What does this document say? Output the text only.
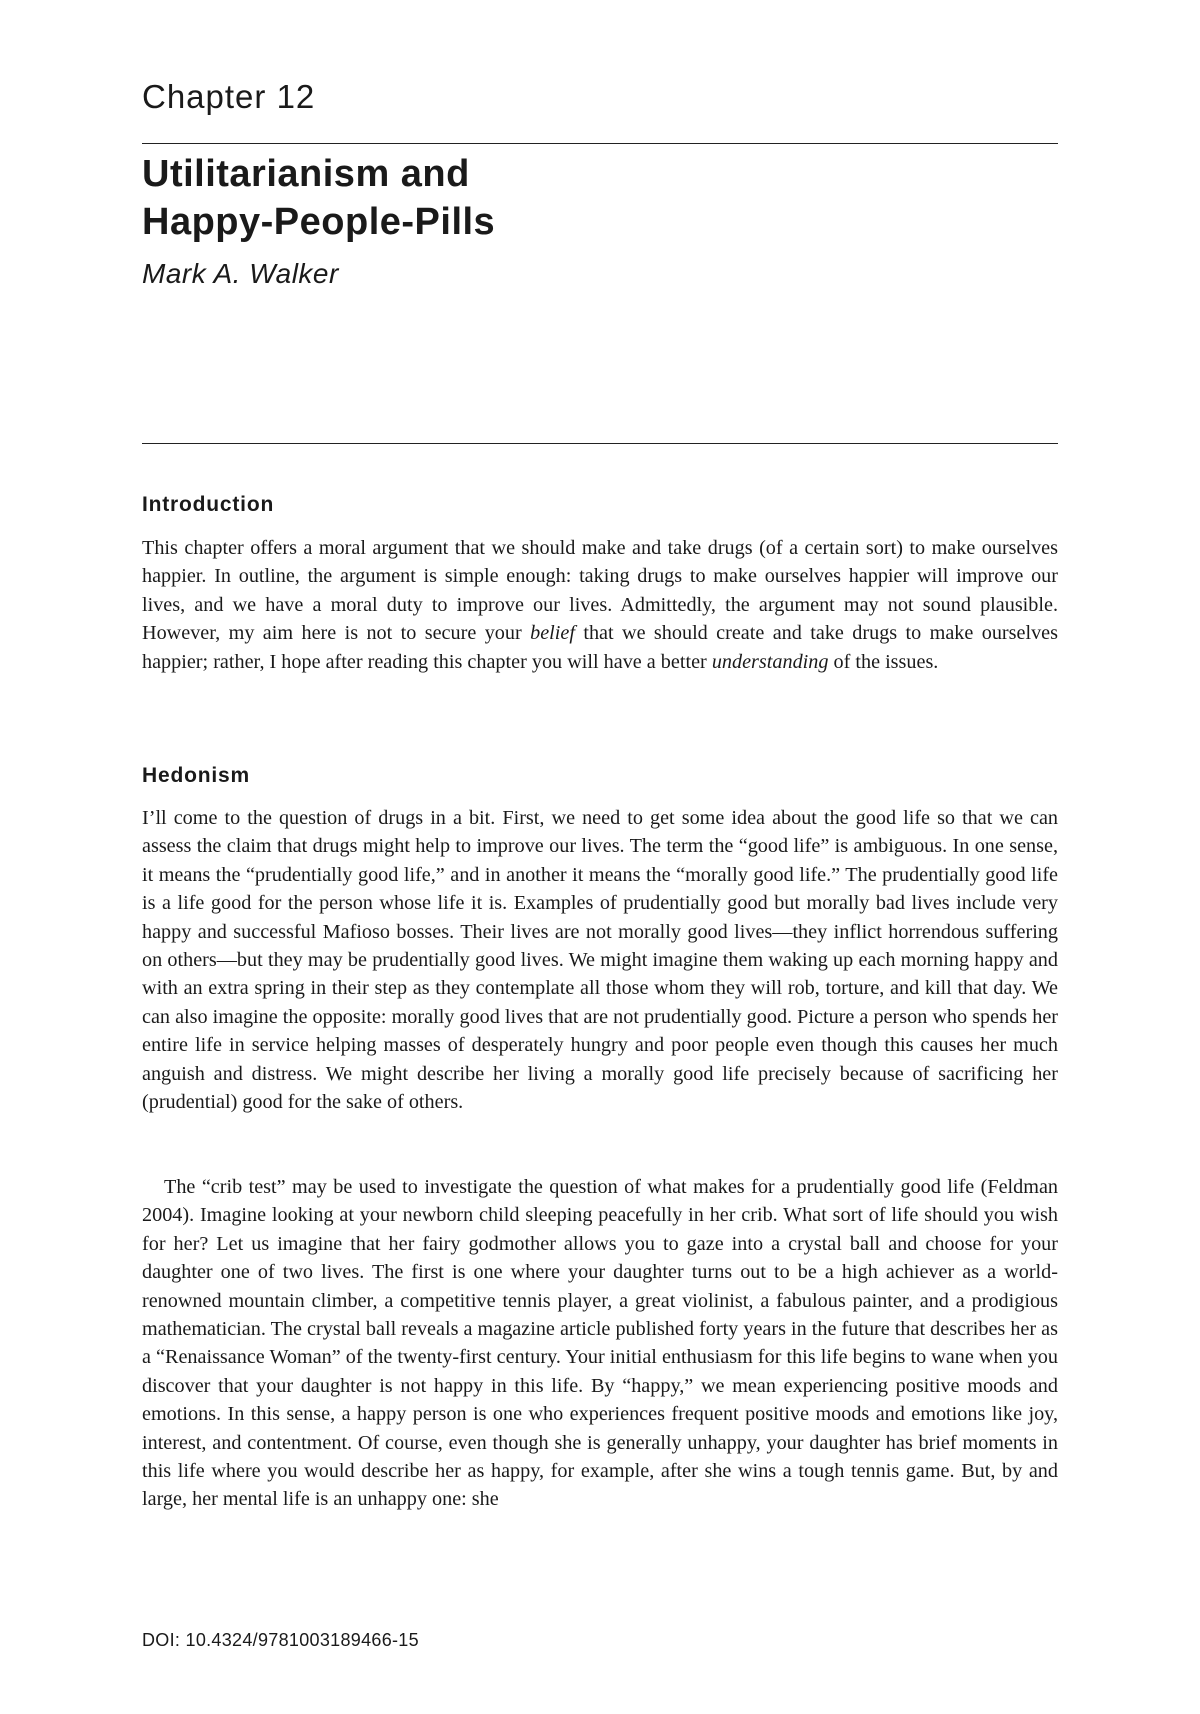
Chapter 12
Utilitarianism and
Happy-People-Pills

Mark A. Walker

Introduction

This chapter offers a moral argument that we should make and take drugs (of a certain sort) to make ourselves happier. In outline, the argument is simple enough: taking drugs to make ourselves happier will improve our lives, and we have a moral duty to improve our lives. Admittedly, the argument may not sound plausible. However, my aim here is not to secure your belief that we should create and take drugs to make ourselves happier; rather, I hope after reading this chapter you will have a better understanding of the issues.

Hedonism

I’ll come to the question of drugs in a bit. First, we need to get some idea about the good life so that we can assess the claim that drugs might help to improve our lives. The term the “good life” is ambiguous. In one sense, it means the “prudentially good life,” and in another it means the “morally good life.” The prudentially good life is a life good for the person whose life it is. Examples of prudentially good but morally bad lives include very happy and successful Mafioso bosses. Their lives are not morally good lives—they inflict horrendous suffering on others—but they may be prudentially good lives. We might imagine them waking up each morning happy and with an extra spring in their step as they contemplate all those whom they will rob, torture, and kill that day. We can also imagine the opposite: morally good lives that are not prudentially good. Picture a person who spends her entire life in service helping masses of desperately hungry and poor people even though this causes her much anguish and distress. We might describe her living a morally good life precisely because of sacrificing her (prudential) good for the sake of others.

The “crib test” may be used to investigate the question of what makes for a prudentially good life (Feldman 2004). Imagine looking at your newborn child sleeping peacefully in her crib. What sort of life should you wish for her? Let us imagine that her fairy godmother allows you to gaze into a crystal ball and choose for your daughter one of two lives. The first is one where your daughter turns out to be a high achiever as a world-renowned mountain climber, a competitive tennis player, a great violinist, a fabulous painter, and a prodigious mathematician. The crystal ball reveals a magazine article published forty years in the future that describes her as a “Renaissance Woman” of the twenty-first century. Your initial enthusiasm for this life begins to wane when you discover that your daughter is not happy in this life. By “happy,” we mean experiencing positive moods and emotions. In this sense, a happy person is one who experiences frequent positive moods and emotions like joy, interest, and contentment. Of course, even though she is generally unhappy, your daughter has brief moments in this life where you would describe her as happy, for example, after she wins a tough tennis game. But, by and large, her mental life is an unhappy one: she

DOI: 10.4324/9781003189466-15
